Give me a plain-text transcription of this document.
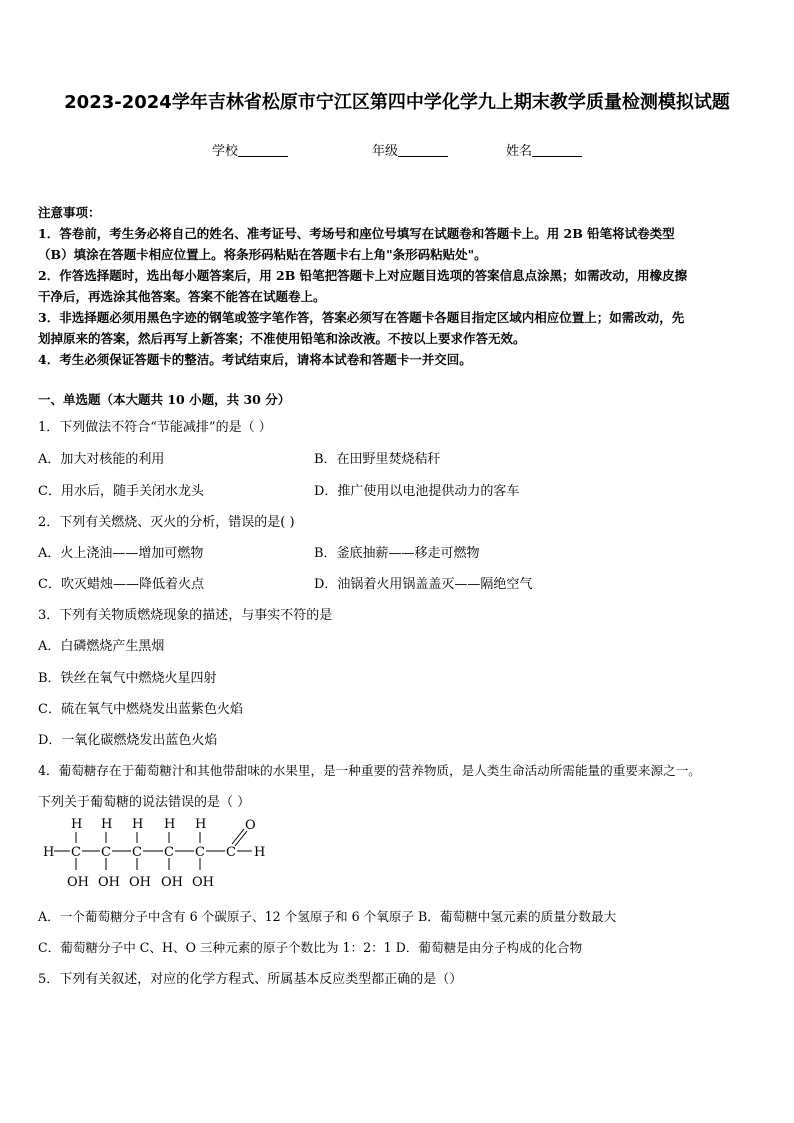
2023-2024学年吉林省松原市宁江区第四中学化学九上期末教学质量检测模拟试题
学校	年级	姓名
注意事项：
1．答卷前，考生务必将自己的姓名、准考证号、考场号和座位号填写在试题卷和答题卡上。用 2B 铅笔将试卷类型
（B）填涂在答题卡相应位置上。将条形码粘贴在答题卡右上角"条形码粘贴处"。
2．作答选择题时，选出每小题答案后，用 2B 铅笔把答题卡上对应题目选项的答案信息点涂黑；如需改动，用橡皮擦
干净后，再选涂其他答案。答案不能答在试题卷上。
3．非选择题必须用黑色字迹的钢笔或签字笔作答，答案必须写在答题卡各题目指定区域内相应位置上；如需改动，先
划掉原来的答案，然后再写上新答案；不准使用铅笔和涂改液。不按以上要求作答无效。
4．考生必须保证答题卡的整洁。考试结束后，请将本试卷和答题卡一并交回。
一、单选题（本大题共 10 小题，共 30 分）
1．下列做法不符合“节能减排”的是（ ）
A．加大对核能的利用	B．在田野里焚烧秸秆
C．用水后，随手关闭水龙头	D．推广使用以电池提供动力的客车
2．下列有关燃烧、灭火的分析，错误的是( )
A．火上浇油——增加可燃物	B．釜底抽薪——移走可燃物
C．吹灭蜡烛——降低着火点	D．油锅着火用锅盖盖灭——隔绝空气
3．下列有关物质燃烧现象的描述，与事实不符的是
A．白磷燃烧产生黑烟
B．铁丝在氧气中燃烧火星四射
C．硫在氧气中燃烧发出蓝紫色火焰
D．一氧化碳燃烧发出蓝色火焰
4．葡萄糖存在于葡萄糖汁和其他带甜味的水果里，是一种重要的营养物质，是人类生命活动所需能量的重要来源之一。
下列关于葡萄糖的说法错误的是（ ）
H H H H H	O
H C C C C C C H
OH OH OH OH OH
A．一个葡萄糖分子中含有 6 个碳原子、12 个氢原子和 6 个氧原子 B．葡萄糖中氢元素的质量分数最大
C．葡萄糖分子中 C、H、O 三种元素的原子个数比为 1：2：1 D．葡萄糖是由分子构成的化合物
5．下列有关叙述，对应的化学方程式、所属基本反应类型都正确的是（）
